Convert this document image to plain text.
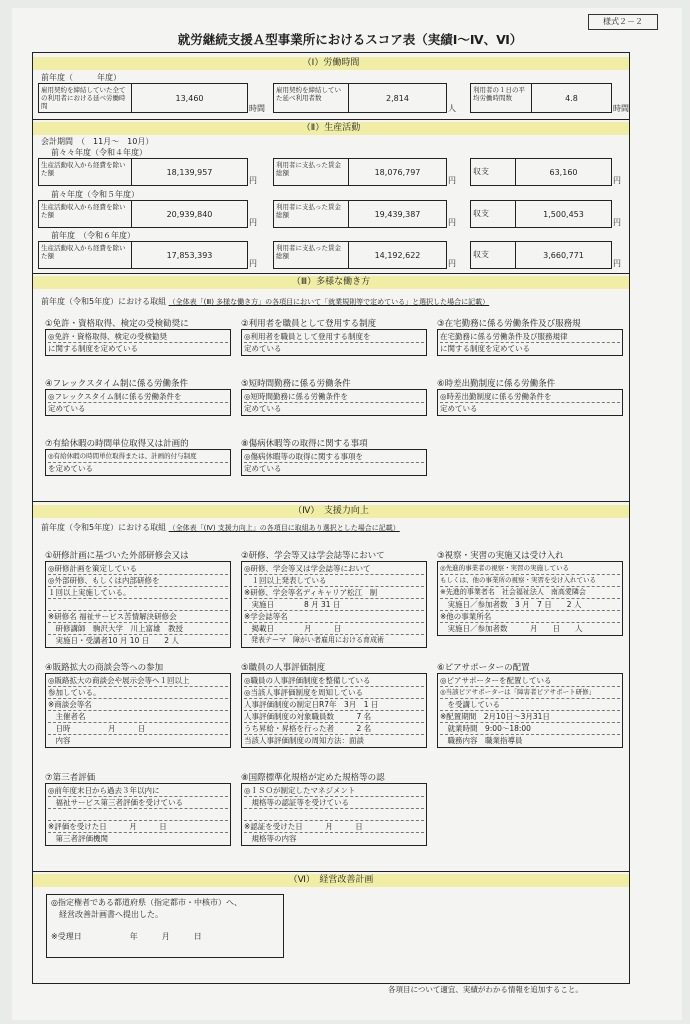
様式２－２
就労継続支援Ａ型事業所におけるスコア表（実績Ⅰ～Ⅳ、Ⅵ）
（Ⅰ）労働時間
前年度（　　　年度）
雇用契約を締結していた全ての利用者における延べ労働時間
13,460
時間
雇用契約を締結していた延べ利用者数	2,814
人
利用者の１日の平均労働時間数	4.8
時間
（Ⅱ）生産活動
会計期間　（　11月～　10月）
前々々年度（令和４年度）
生産活動収入から経費を除いた額	18,139,957
円
利用者に支払った賃金総額	18,076,797
円
収支	63,160
円
前々年度（令和５年度）
生産活動収入から経費を除いた額	20,939,840
円
利用者に支払った賃金総額	19,439,387
円
収支	1,500,453
円
前年度　（令和６年度）
生産活動収入から経費を除いた額	17,853,393
円
利用者に支払った賃金総額	14,192,622
円
収支	3,660,771
円
（Ⅲ）多様な働き方
前年度（令和5年度）における取組 （全体表「(Ⅲ) 多様な働き方」の各項目において「就業規則等で定めている」と選択した場合に記載）
①免許・資格取得、検定の受検勧奨に
◎免許・資格取得、検定の受検勧奨
に関する制度を定めている
②利用者を職員として登用する制度
◎利用者を職員として登用する制度を
定めている
③在宅勤務に係る労働条件及び服務規
在宅勤務に係る労働条件及び服務規律
に関する制度を定めている
④フレックスタイム制に係る労働条件
◎フレックスタイム制に係る労働条件を
定めている
⑤短時間勤務に係る労働条件
◎短時間勤務に係る労働条件を
定めている
⑥時差出勤制度に係る労働条件
◎時差出勤制度に係る労働条件を
定めている
⑦有給休暇の時間単位取得又は計画的
◎有給休暇の時間単位取得または、計画的付与制度
を定めている
⑧傷病休暇等の取得に関する事項
◎傷病休暇等の取得に関する事項を
定めている
（Ⅳ）　支援力向上
前年度（令和5年度）における取組 （全体表「(Ⅳ) 支援力向上」の各項目に取組あり選択とした場合に記載）
①研修計画に基づいた外部研修会又は
◎研修計画を策定している
◎外部研修、もしくは内部研修を
１回以上実施している。
※研修名 福祉サービス苦情解決研修会
　研修講師　駒沢大学　川上富雄　教授
　実施日・受講者10 月 10 日　　2 人
②研修、学会等又は学会誌等において
◎研修、学会等又は学会誌等において
　１回以上発表している
※研修、学会等名ディキャリア松江　制
　実施日　　　　8 月 31 日
※学会誌等名
　掲載日　　　　月　　　日
　発表テーマ　障がい者雇用における育成術
③視察・実習の実施又は受け入れ
◎先進的事業者の視察・実習の実施している
もしくは、他の事業所の視察・実習を受け入れている
※先進的事業者名　社会福祉法人　南高愛隣会
　実施日／参加者数　3 月　7 日　　2 人
※他の事業所名
　実施日／参加者数　　　月　　日　　人
④販路拡大の商談会等への参加
◎販路拡大の商談会や展示会等へ１回以上
参加している。
※商談会等名
　主催者名
　日時　　　　　月　　　日
　内容
⑤職員の人事評価制度
◎職員の人事評価制度を整備している
◎当該人事評価制度を周知している
人事評価制度の制定日R7年　3月　1 日
人事評価制度の対象職員数　　　7 名
うち昇給・昇格を行った者　　　2 名
当該人事評価制度の周知方法：面談
⑥ピアサポーターの配置
◎ピアサポーターを配置している
◎当該ピアサポーターは「障害者ピアサポート研修」
　を受講している
※配置期間　2月10日～3月31日
　就業時間　9:00～18:00
　職務内容　職業指導員
⑦第三者評価
◎前年度末日から過去３年以内に
　福祉サービス第三者評価を受けている
※評価を受けた日　　　月　　　日
　第三者評価機関
⑧国際標準化規格が定めた規格等の認
◎ＩＳＯが制定したマネジメント
　規格等の認証等を受けている
※認証を受けた日　　　月　　　日
　規格等の内容
（Ⅵ）　経営改善計画
◎指定権者である都道府県（指定都市・中核市）へ、
　経営改善計画書へ提出した。
※受理日　　　　　　年　　　月　　　日
各項目について適宜、実績がわかる情報を追加すること。
